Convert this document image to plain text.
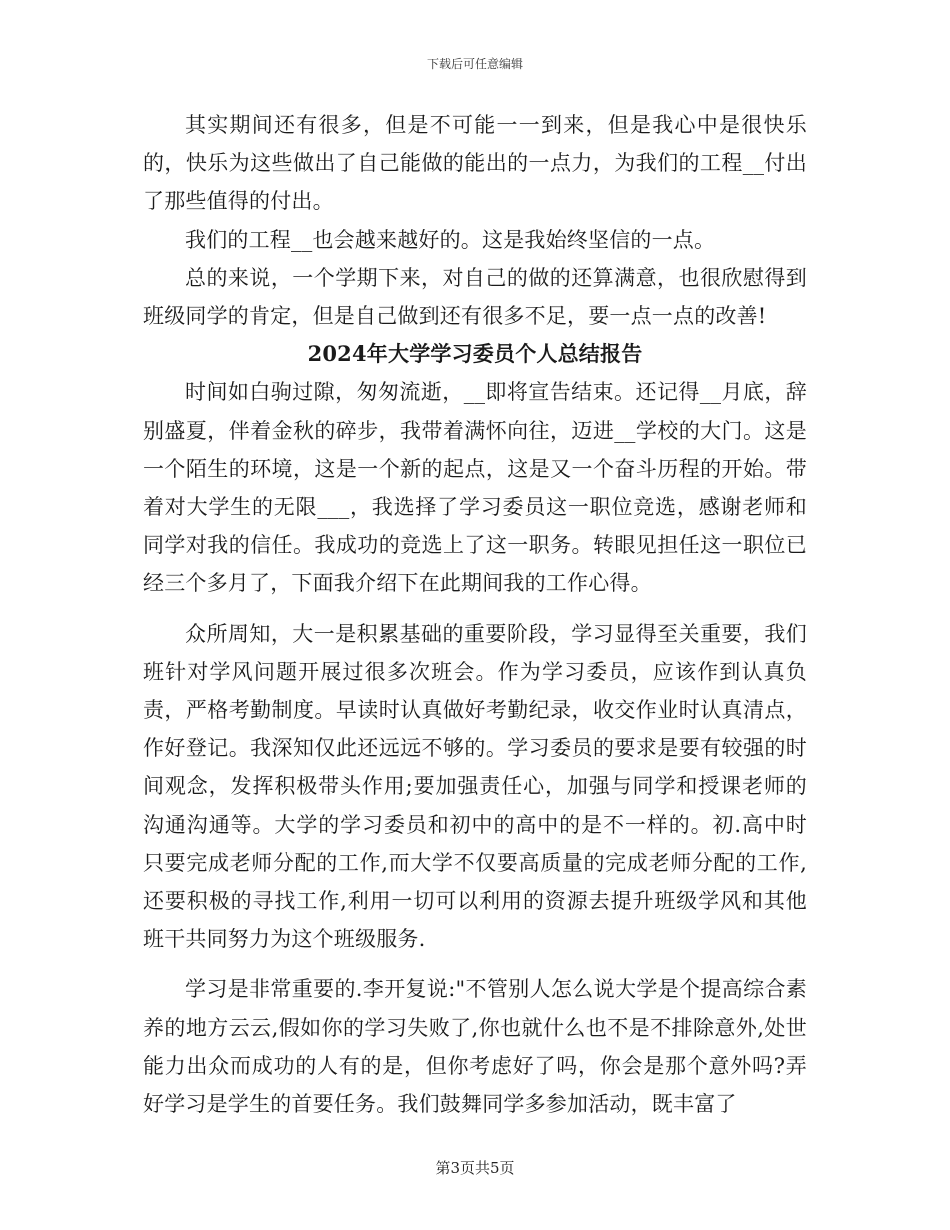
下载后可任意编辑

其实期间还有很多，但是不可能一一到来，但是我心中是很快乐的，快乐为这些做出了自己能做的能出的一点力，为我们的工程__付出了那些值得的付出。

我们的工程__也会越来越好的。这是我始终坚信的一点。

总的来说，一个学期下来，对自己的做的还算满意，也很欣慰得到班级同学的肯定，但是自己做到还有很多不足，要一点一点的改善!

2024年大学学习委员个人总结报告

时间如白驹过隙，匆匆流逝，__即将宣告结束。还记得__月底，辞别盛夏，伴着金秋的碎步，我带着满怀向往，迈进__学校的大门。这是一个陌生的环境，这是一个新的起点，这是又一个奋斗历程的开始。带着对大学生的无限___，我选择了学习委员这一职位竞选，感谢老师和同学对我的信任。我成功的竞选上了这一职务。转眼见担任这一职位已经三个多月了，下面我介绍下在此期间我的工作心得。

众所周知，大一是积累基础的重要阶段，学习显得至关重要，我们班针对学风问题开展过很多次班会。作为学习委员，应该作到认真负责，严格考勤制度。早读时认真做好考勤纪录，收交作业时认真清点，作好登记。我深知仅此还远远不够的。学习委员的要求是要有较强的时间观念，发挥积极带头作用;要加强责任心，加强与同学和授课老师的沟通沟通等。大学的学习委员和初中的高中的是不一样的。初.高中时只要完成老师分配的工作,而大学不仅要高质量的完成老师分配的工作,还要积极的寻找工作,利用一切可以利用的资源去提升班级学风和其他班干共同努力为这个班级服务.

学习是非常重要的.李开复说:"不管别人怎么说大学是个提高综合素养的地方云云,假如你的学习失败了,你也就什么也不是不排除意外,处世能力出众而成功的人有的是，但你考虑好了吗，你会是那个意外吗?弄好学习是学生的首要任务。我们鼓舞同学多参加活动，既丰富了

第3页共5页
